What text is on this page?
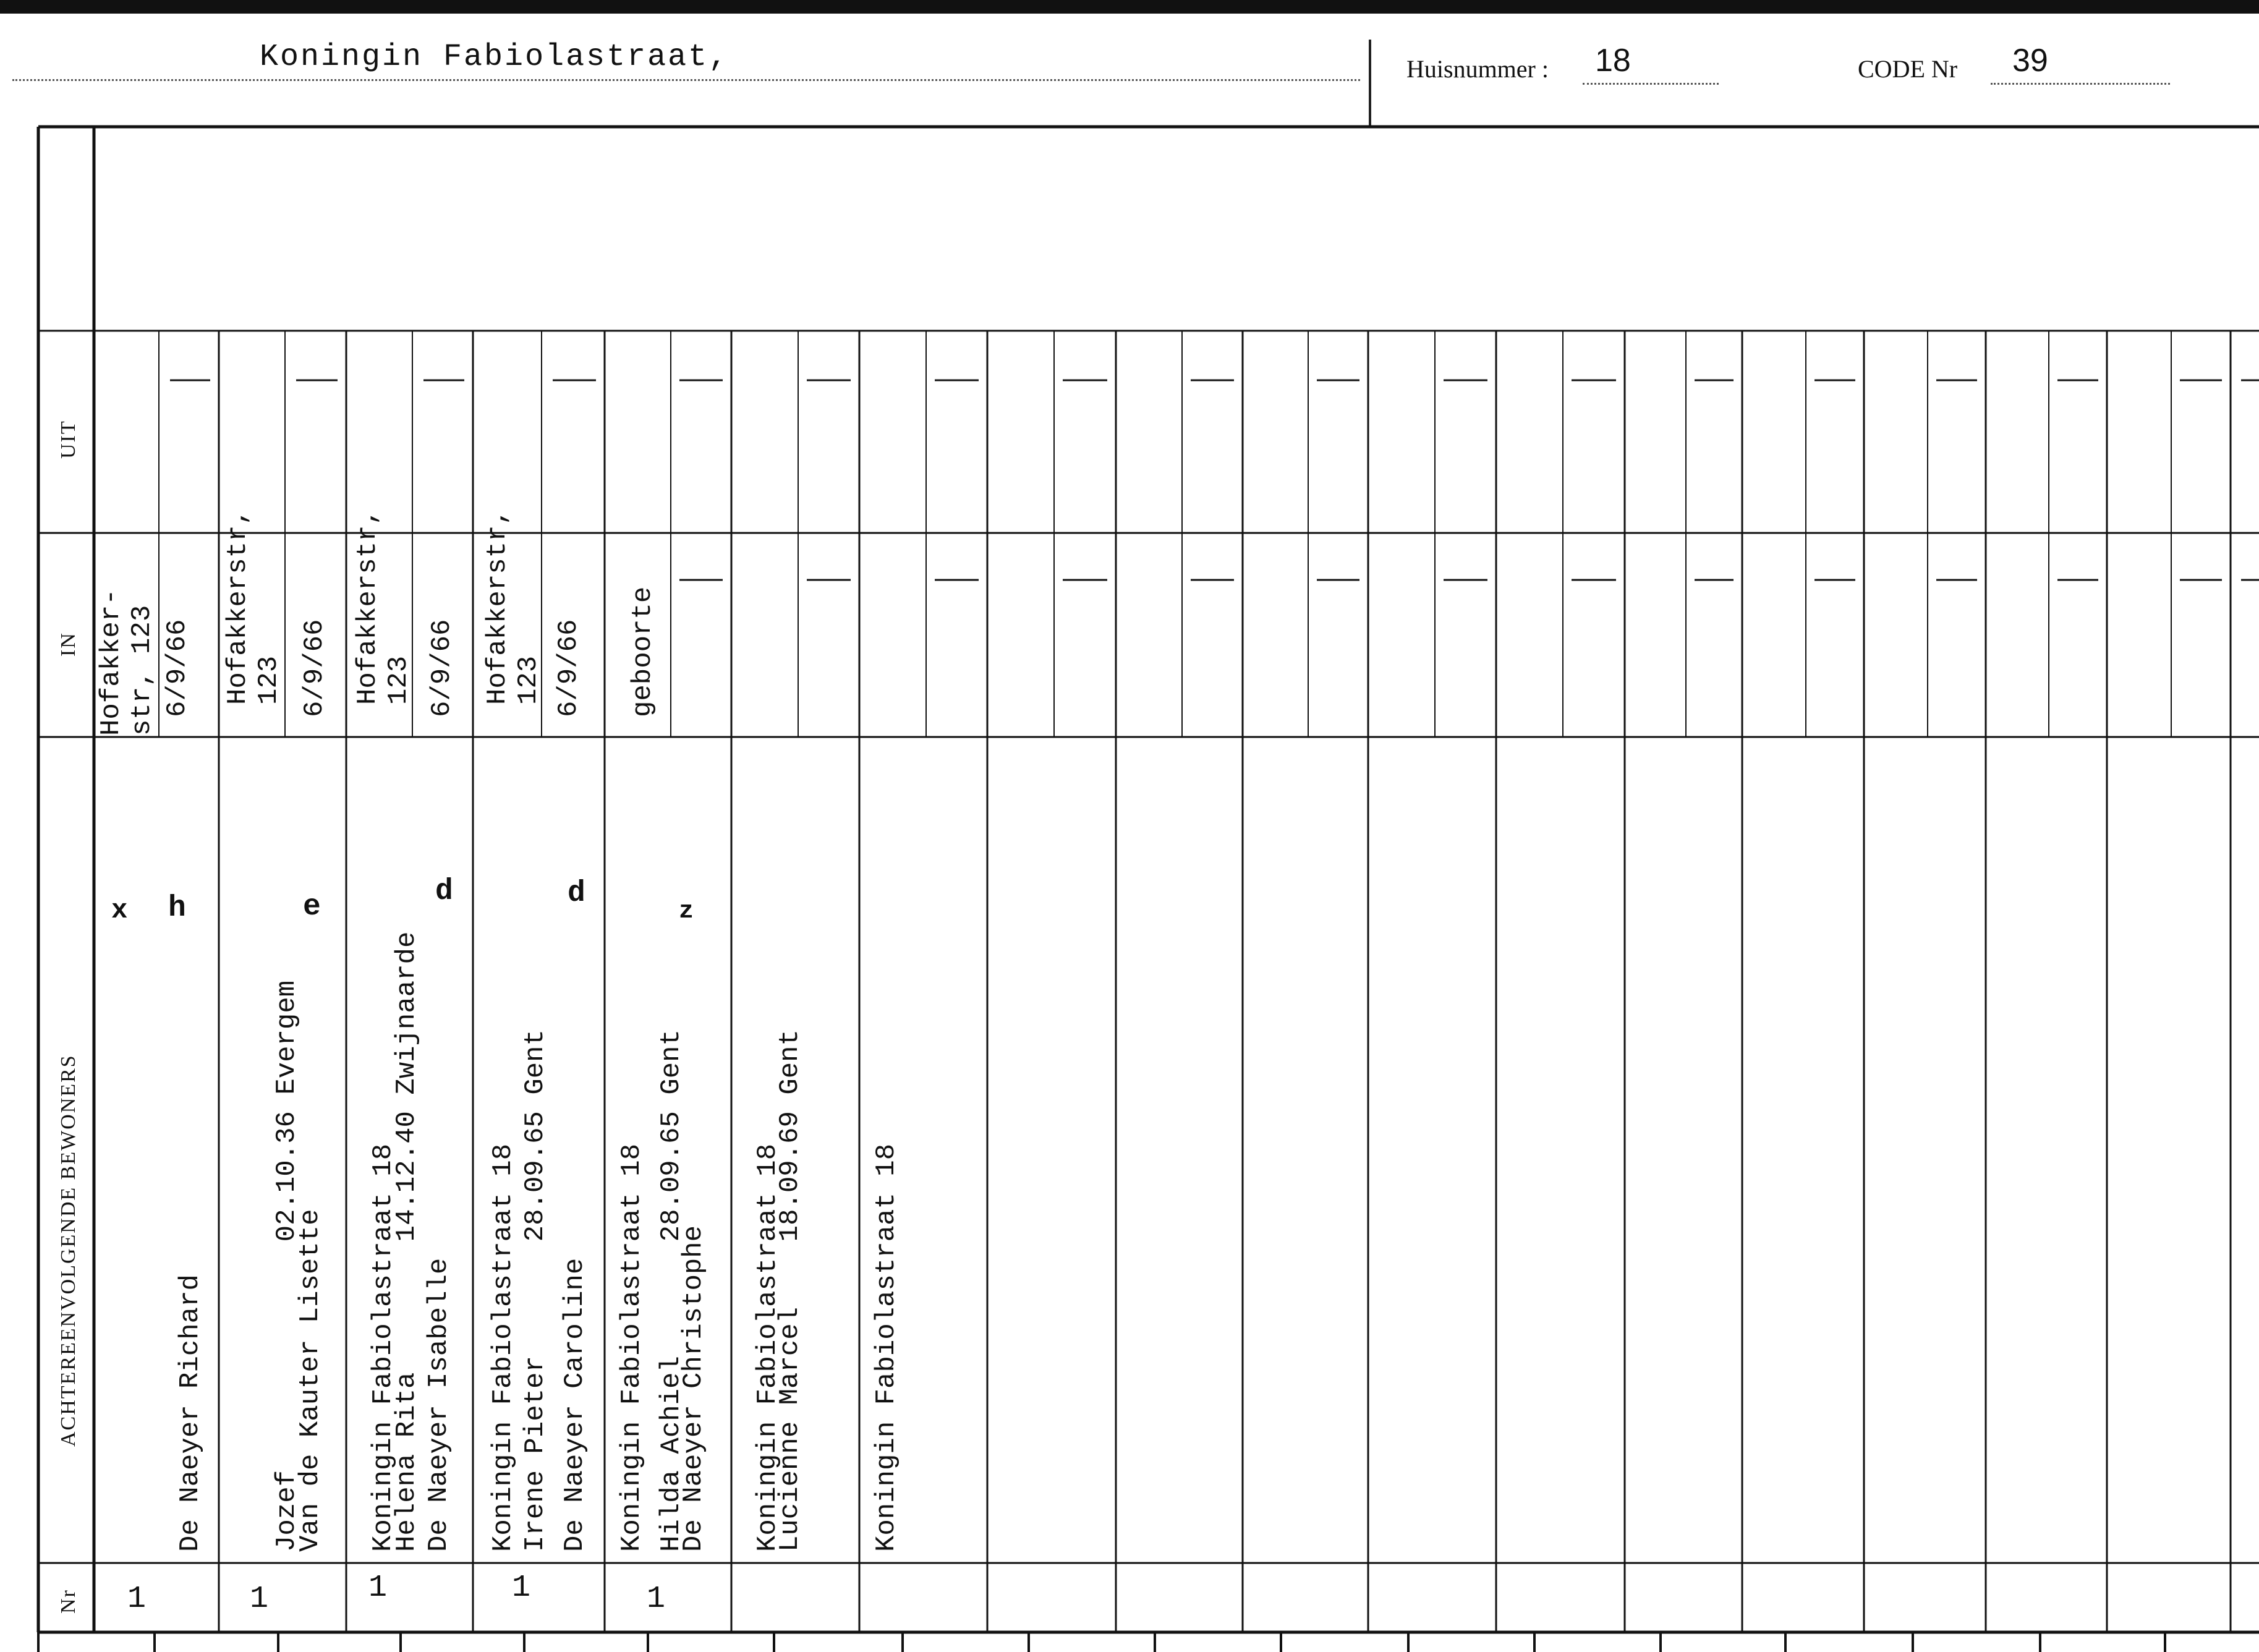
Koningin Fabiolastraat,	Huisnummer : 18	CODE Nr 39
UIT
IN
ACHTEREENVOLGENDE BEWONERS
Nr
Hofakker-
str, 123 6/9/66

De Naeyer Richard

Jozef              02.10.36 Evergem

Koningin Fabiolastraat 18

x h
1
Hofakkerstr,
123 6/9/66

Van de Kauter Lisette

Helena Rita        14.12.40 Zwijnaarde

Koningin Fabiolastraat 18

e
1
Hofakkerstr,
123 6/9/66

De Naeyer Isabelle

Irene Pieter       28.09.65 Gent

Koningin Fabiolastraat 18

d
1
Hofakkerstr,
123 6/9/66

De Naeyer Caroline

Hilda Achiel       28.09.65 Gent

Koningin Fabiolastraat 18

d
1
geboorte

De Naeyer Christophe

Lucienne Marcel    18.09.69 Gent

Koningin Fabiolastraat 18

z
1
